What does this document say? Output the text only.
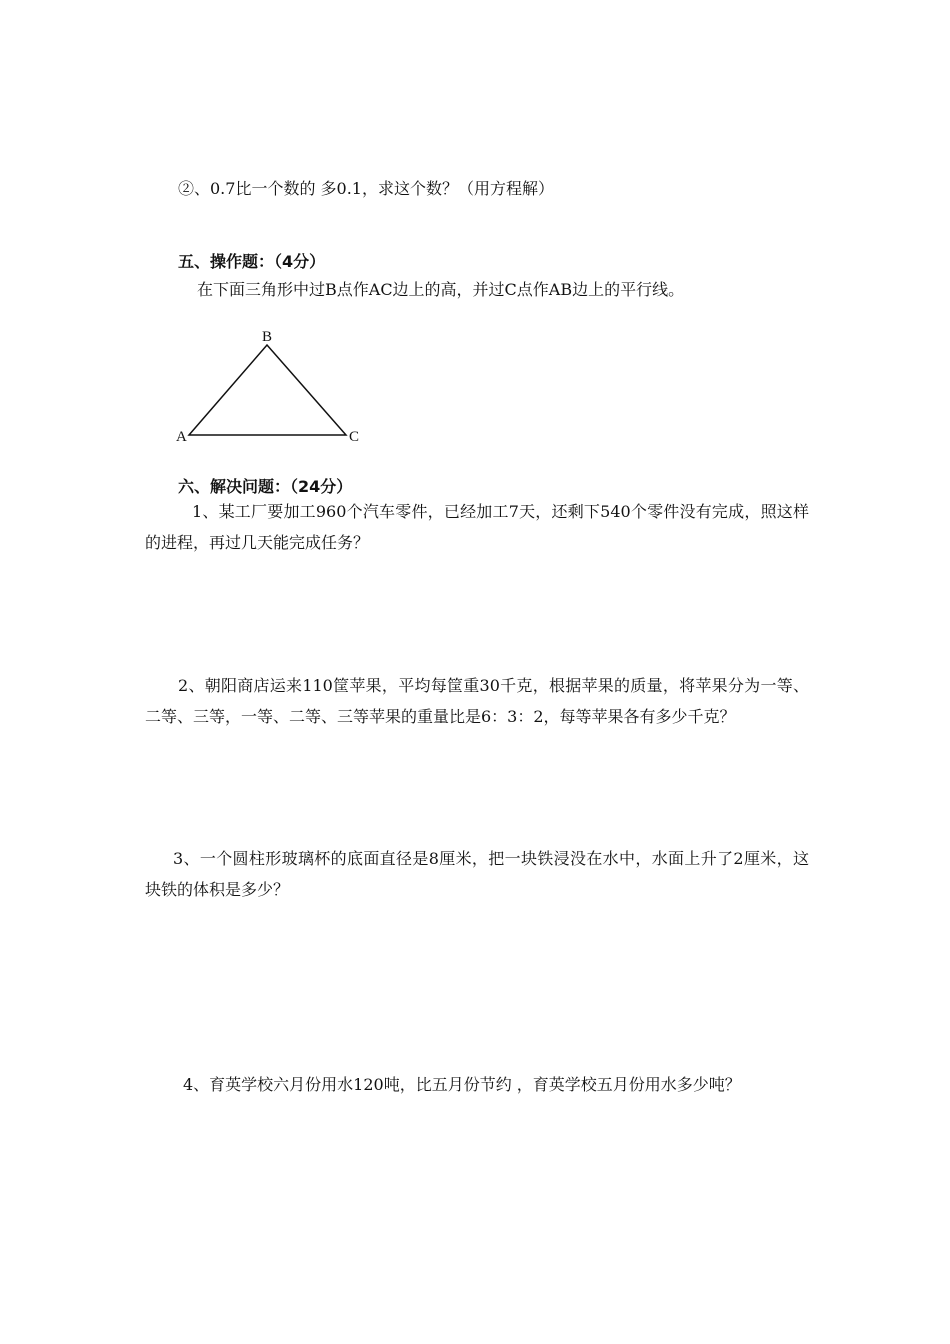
②、0.7比一个数的 多0.1，求这个数？（用方程解）

五、操作题：（4分）

在下面三角形中过B点作AC边上的高，并过C点作AB边上的平行线。

B
A	C

六、解决问题：（24分）

1、某工厂要加工960个汽车零件，已经加工7天，还剩下540个零件没有完成，照这样的进程，再过几天能完成任务？

2、朝阳商店运来110筐苹果，平均每筐重30千克，根据苹果的质量，将苹果分为一等、二等、三等，一等、二等、三等苹果的重量比是6：3：2，每等苹果各有多少千克？

3、一个圆柱形玻璃杯的底面直径是8厘米，把一块铁浸没在水中，水面上升了2厘米，这块铁的体积是多少？

4、育英学校六月份用水120吨，比五月份节约 ，育英学校五月份用水多少吨？
